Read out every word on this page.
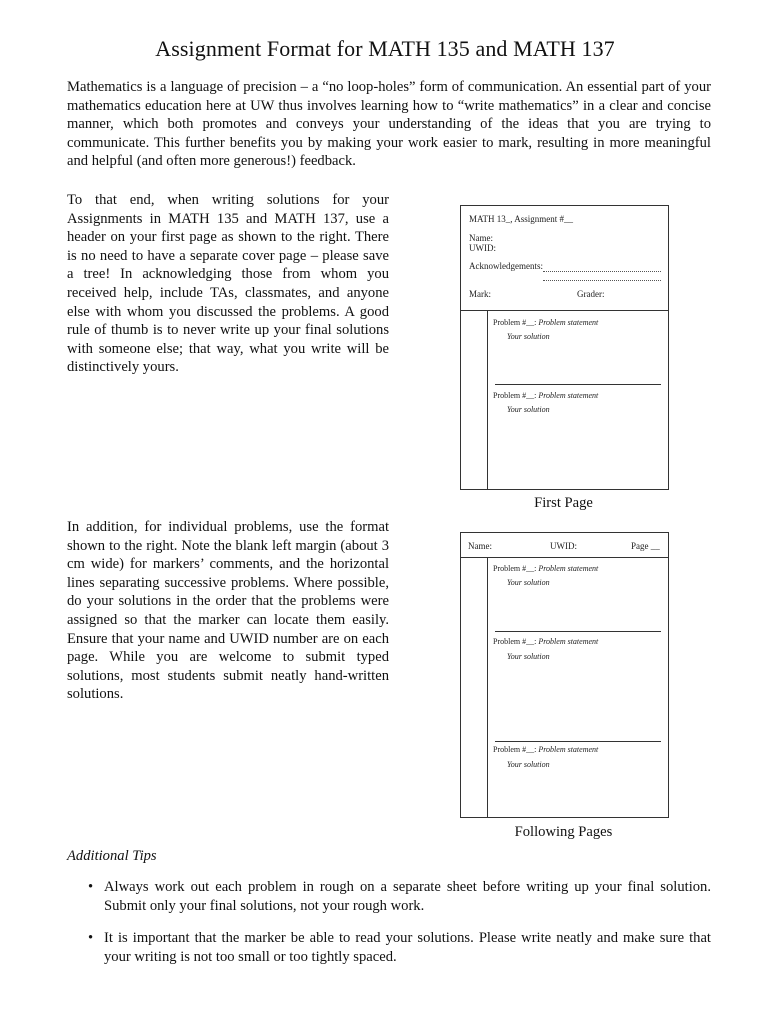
Assignment Format for MATH 135 and MATH 137

Mathematics is a language of precision – a “no loop-holes” form of communication. An essential part of your mathematics education here at UW thus involves learning how to “write mathematics” in a clear and concise manner, which both promotes and conveys your understanding of the ideas that you are trying to communicate. This further benefits you by making your work easier to mark, resulting in more meaningful and helpful (and often more generous!) feedback.

To that end, when writing solutions for your Assignments in MATH 135 and MATH 137, use a header on your first page as shown to the right. There is no need to have a separate cover page – please save a tree! In acknowledging those from whom you received help, include TAs, classmates, and anyone else with whom you discussed the problems. A good rule of thumb is to never write up your final solutions with someone else; that way, what you write will be distinctively yours.

In addition, for individual problems, use the format shown to the right. Note the blank left margin (about 3 cm wide) for markers’ comments, and the horizontal lines separating successive problems. Where possible, do your solutions in the order that the problems were assigned so that the marker can locate them easily. Ensure that your name and UWID number are on each page. While you are welcome to submit typed solutions, most students submit neatly hand-written solutions.

MATH 13_, Assignment #__
Name:
UWID:
Acknowledgements:
Mark:	Grader:
Problem #__: Problem statement
Your solution
Problem #__: Problem statement
Your solution
First Page
Name:	UWID:	Page __
Problem #__: Problem statement
Your solution
Problem #__: Problem statement
Your solution
Problem #__: Problem statement
Your solution
Following Pages
Additional Tips
• Always work out each problem in rough on a separate sheet before writing up your final solution. Submit only your final solutions, not your rough work.
• It is important that the marker be able to read your solutions. Please write neatly and make sure that your writing is not too small or too tightly spaced.
